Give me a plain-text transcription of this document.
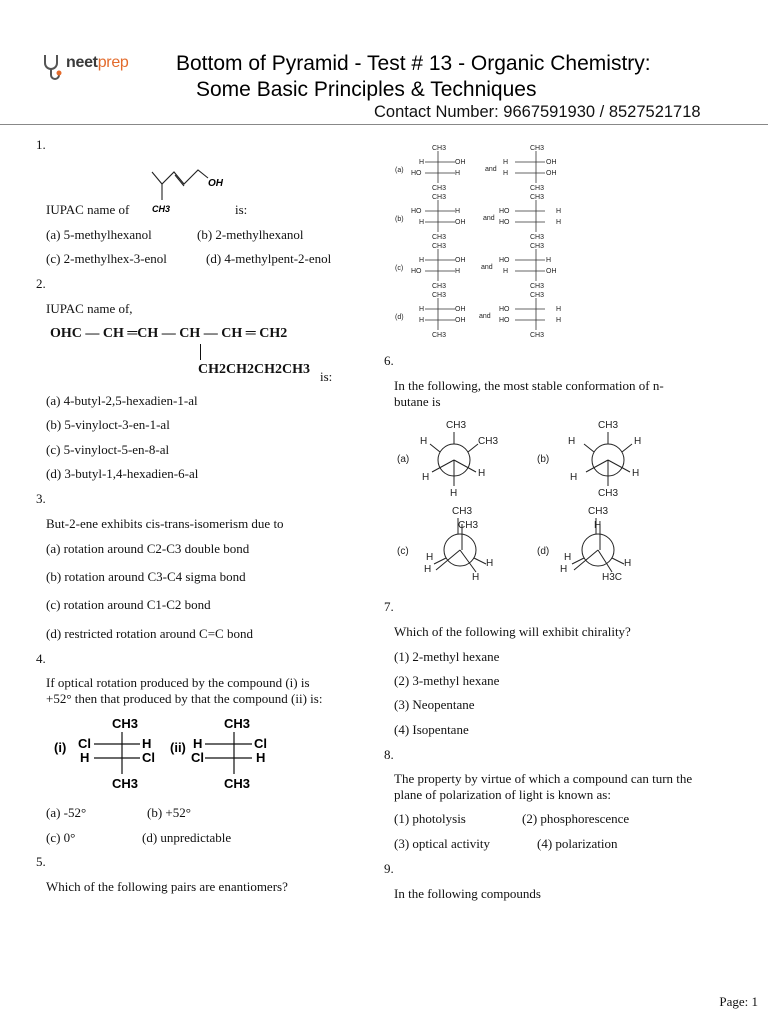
neetprep Bottom of Pyramid - Test # 13 - Organic Chemistry:
Some Basic Principles & Techniques
Contact Number: 9667591930 / 8527521718
1.
OH
CH3
IUPAC name of	is:
(a) 5-methylhexanol	(b) 2-methylhexanol
(c) 2-methylhex-3-enol	(d) 4-methylpent-2-enol
2.
IUPAC name of,
OHC — CH ═CH — CH — CH ═ CH2
CH2CH2CH2CH3 is:
(a) 4-butyl-2,5-hexadien-1-al
(b) 5-vinyloct-3-en-1-al
(c) 5-vinyloct-5-en-8-al
(d) 3-butyl-1,4-hexadien-6-al
3.
But-2-ene exhibits cis-trans-isomerism due to
(a) rotation around C2-C3 double bond
(b) rotation around C3-C4 sigma bond
(c) rotation around C1-C2 bond
(d) restricted rotation around C=C bond
4.
If optical rotation produced by the compound (i) is
+52° then that produced by that the compound (ii) is:
(i)
CH3
Cl	H
H	Cl
CH3
(ii)
CH3
H	Cl
Cl	H
CH3
(a) -52°	(b) +52°
(c) 0°	(d) unpredictable
5.
Which of the following pairs are enantiomers?
(a)
CH3
H	OH
HO	H
CH3
and
CH3
H	OH
H	OH
CH3
(b)
CH3
HO	H
H	OH
CH3
and
CH3
HO	H
HO	H
CH3
(c)
CH3
H	OH
HO	H
CH3
and
CH3
HO	H
H	OH
CH3
(d)
CH3
H	OH
H	OH
CH3
and
CH3
HO	H
HO	H
CH3
6.
In the following, the most stable conformation of n-
butane is
(a)
CH3
H	CH3
H	H
H
(b)
CH3
H	H
H	H
CH3
(c)
CH3
CH3
H
H
H
H
(d)
CH3
H
H
H
H
H3C
7.
Which of the following will exhibit chirality?
(1) 2-methyl hexane
(2) 3-methyl hexane
(3) Neopentane
(4) Isopentane
8.
The property by virtue of which a compound can turn the
plane of polarization of light is known as:
(1) photolysis	(2) phosphorescence
(3) optical activity	(4) polarization
9.
In the following compounds
Page: 1
